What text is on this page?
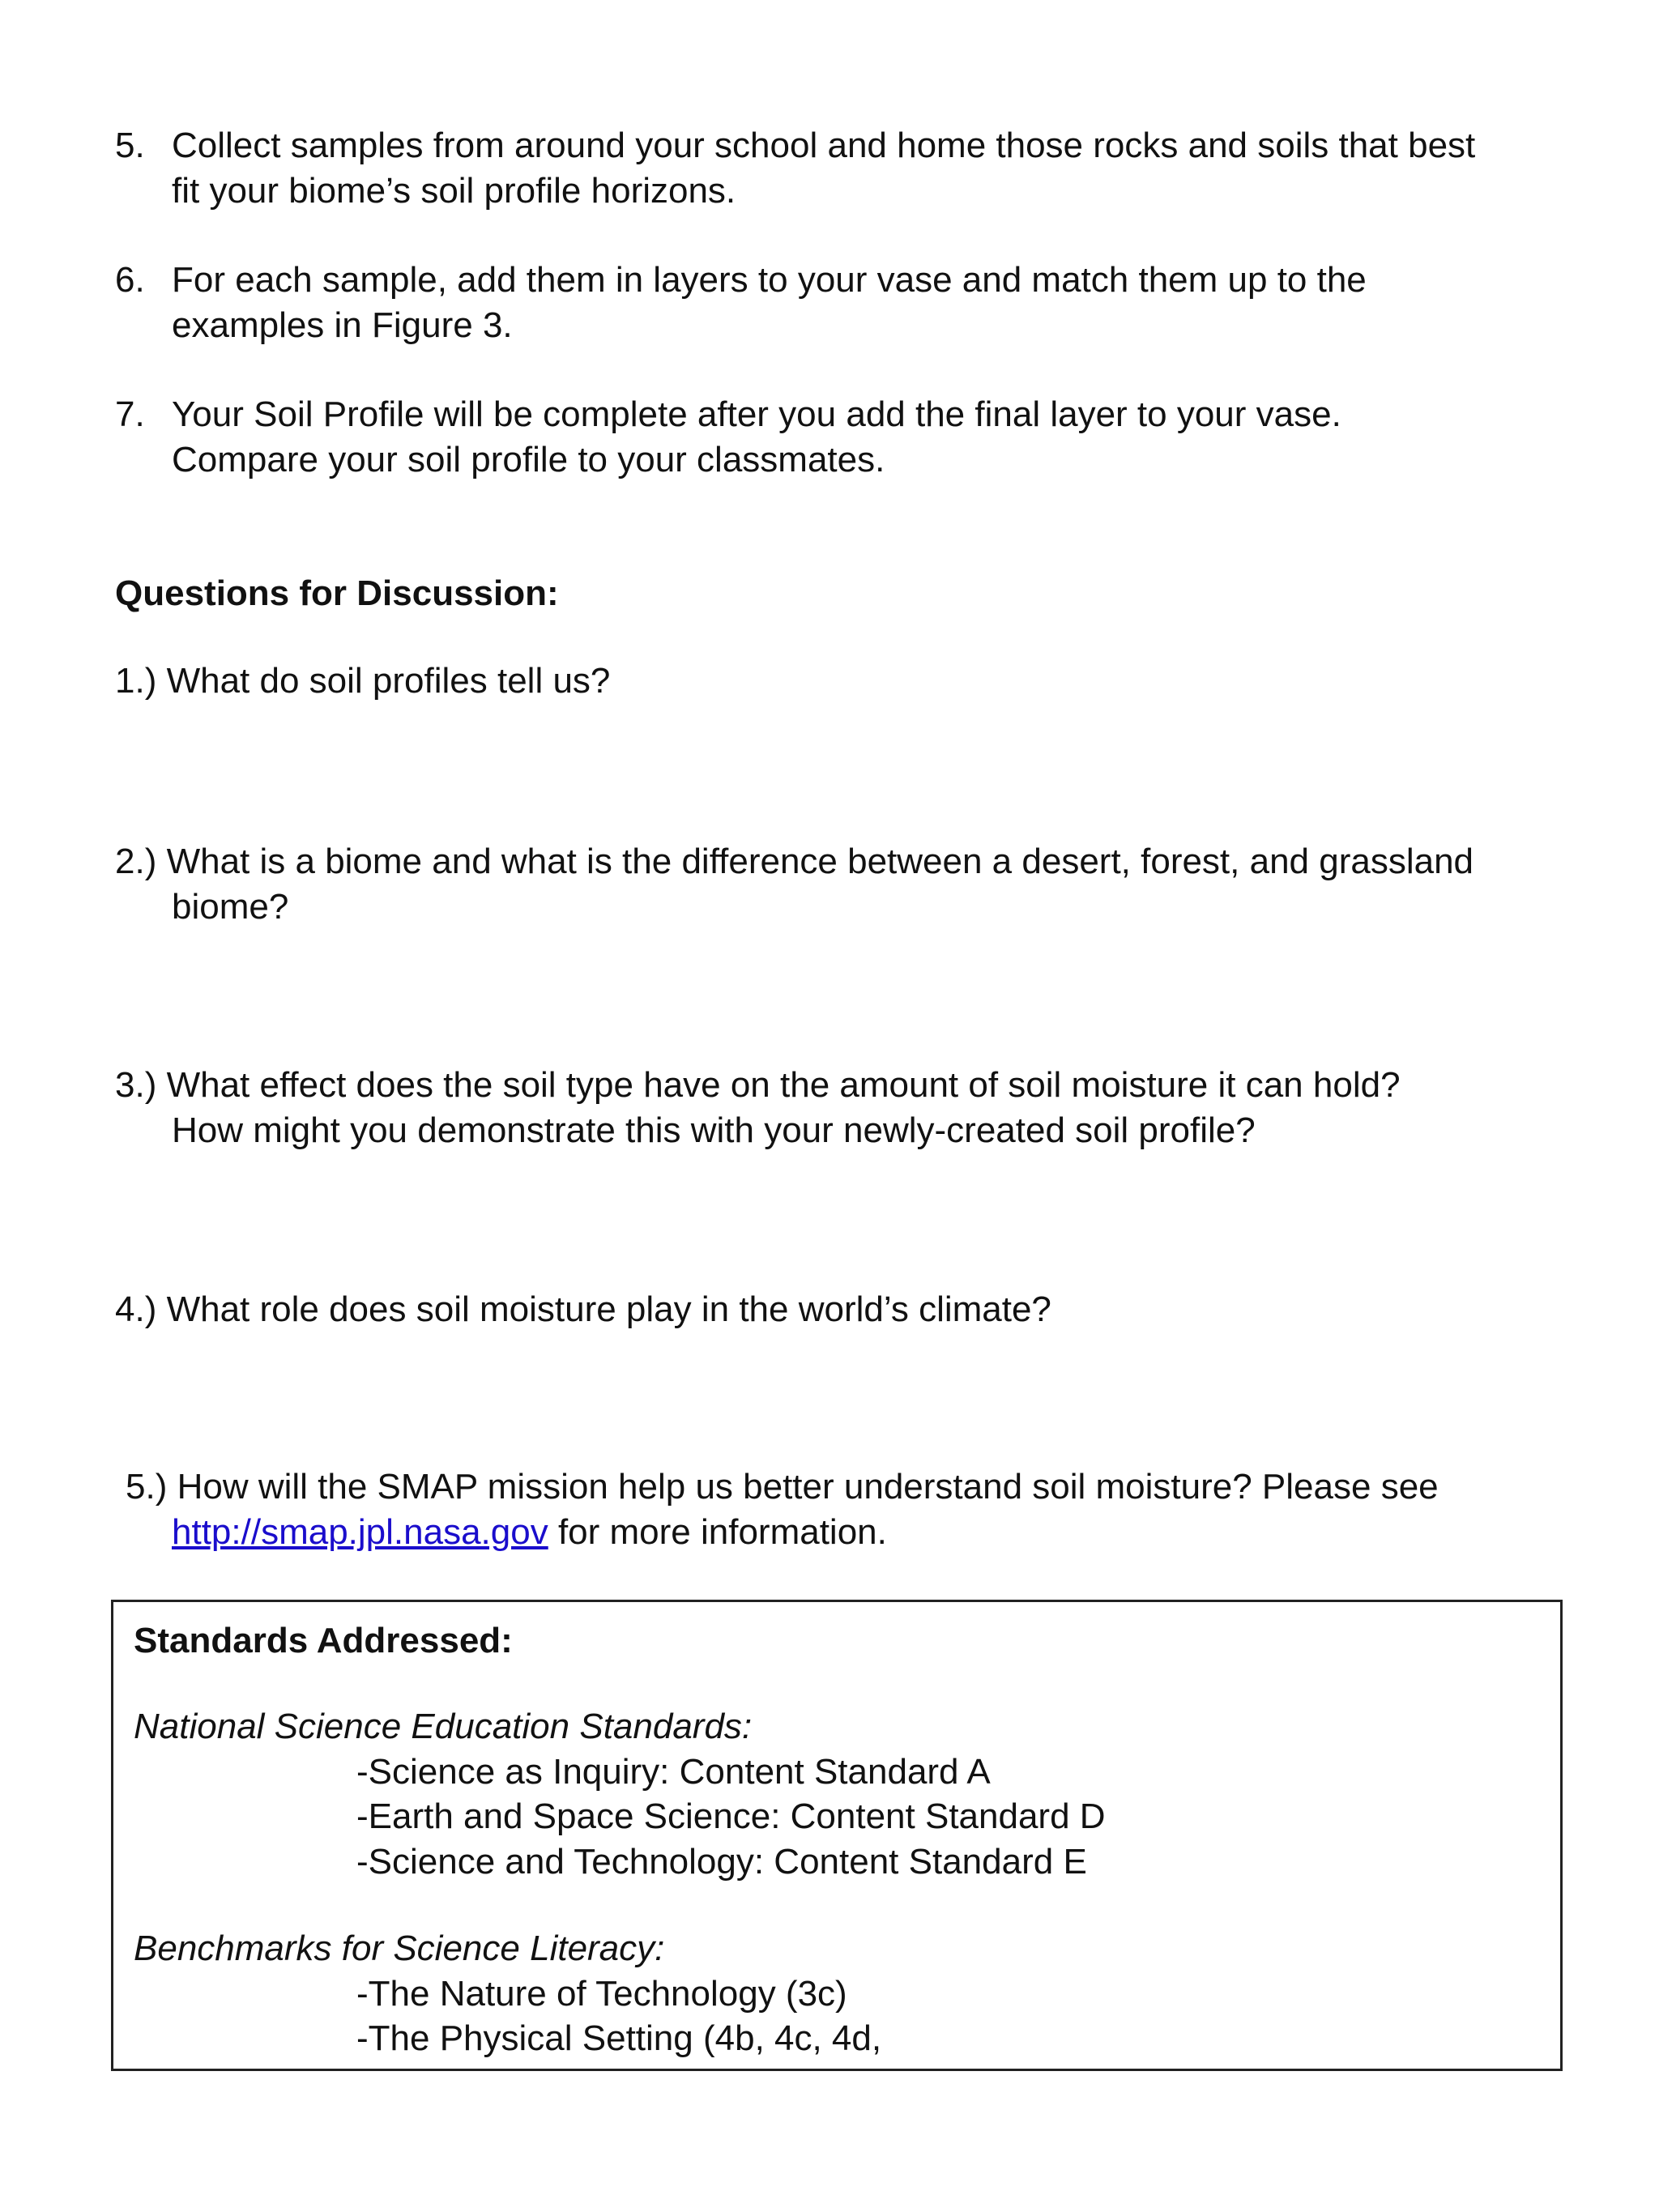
5. Collect samples from around your school and home those rocks and soils that best
fit your biome’s soil profile horizons.
6. For each sample, add them in layers to your vase and match them up to the
examples in Figure 3.
7. Your Soil Profile will be complete after you add the final layer to your vase.
Compare your soil profile to your classmates.
Questions for Discussion:
1.) What do soil profiles tell us?
2.) What is a biome and what is the difference between a desert, forest, and grassland
biome?
3.) What effect does the soil type have on the amount of soil moisture it can hold?
How might you demonstrate this with your newly-created soil profile?
4.) What role does soil moisture play in the world’s climate?
5.) How will the SMAP mission help us better understand soil moisture? Please see
http://smap.jpl.nasa.gov for more information.
Standards Addressed:
National Science Education Standards:
-Science as Inquiry: Content Standard A
-Earth and Space Science: Content Standard D
-Science and Technology: Content Standard E
Benchmarks for Science Literacy:
-The Nature of Technology (3c)
-The Physical Setting (4b, 4c, 4d,
